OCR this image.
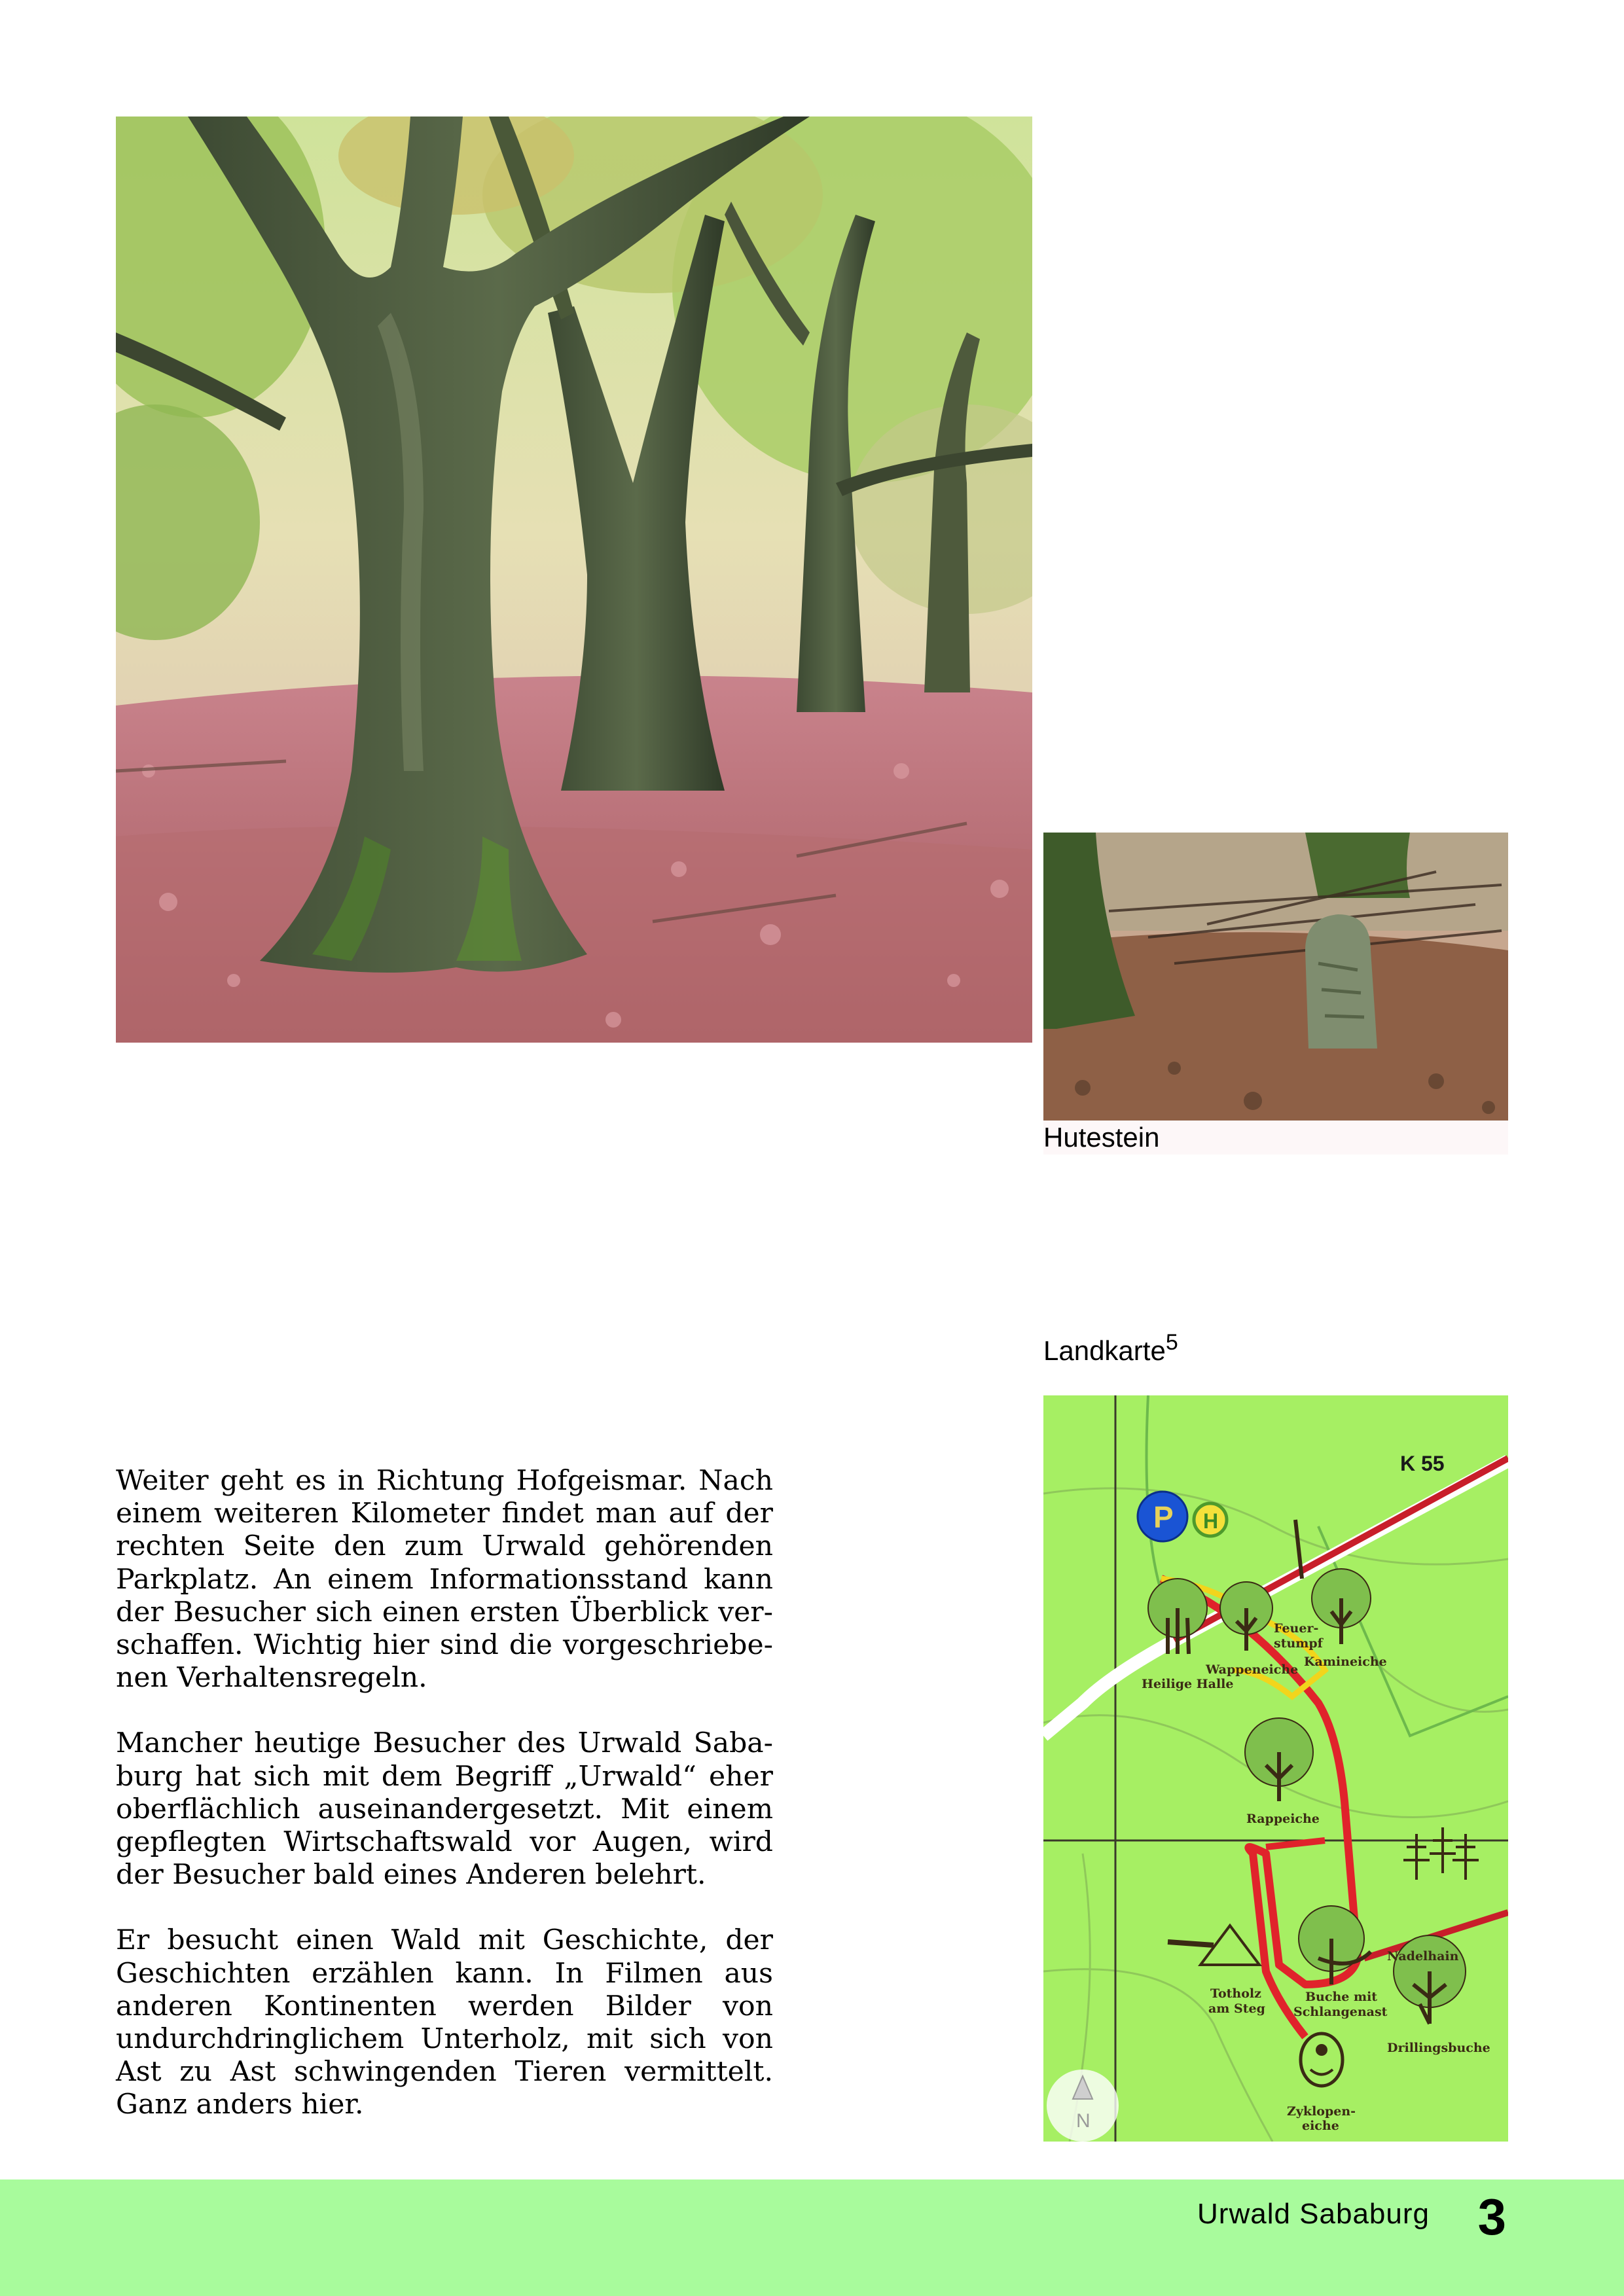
Hutestein
Landkarte$^5$
K 55
P H
Feuer-
stumpf
Wappeneiche
Kamineiche
Heilige Halle
Rappeiche
Nadelhain
Totholz
am Steg
Buche mit
Schlangenast
Drillingsbuche
Zyklopen-
eiche
N

Weiter geht es in Richtung Hofgeismar. Nach einem weiteren Kilometer findet man auf der rechten Seite den zum Urwald gehörenden Parkplatz. An einem Informationsstand kann der Besucher sich einen ersten Überblick verschaffen. Wichtig hier sind die vorgeschriebenen Verhaltensregeln.

Mancher heutige Besucher des Urwald Sababurg hat sich mit dem Begriff „Urwald“ eher oberflächlich auseinandergesetzt. Mit einem gepflegten Wirtschaftswald vor Augen, wird der Besucher bald eines Anderen belehrt.

Er besucht einen Wald mit Geschichte, der Geschichten erzählen kann. In Filmen aus anderen Kontinenten werden Bilder von undurchdringlichem Unterholz, mit sich von Ast zu Ast schwingenden Tieren vermittelt. Ganz anders hier.

Urwald Sababurg 3
